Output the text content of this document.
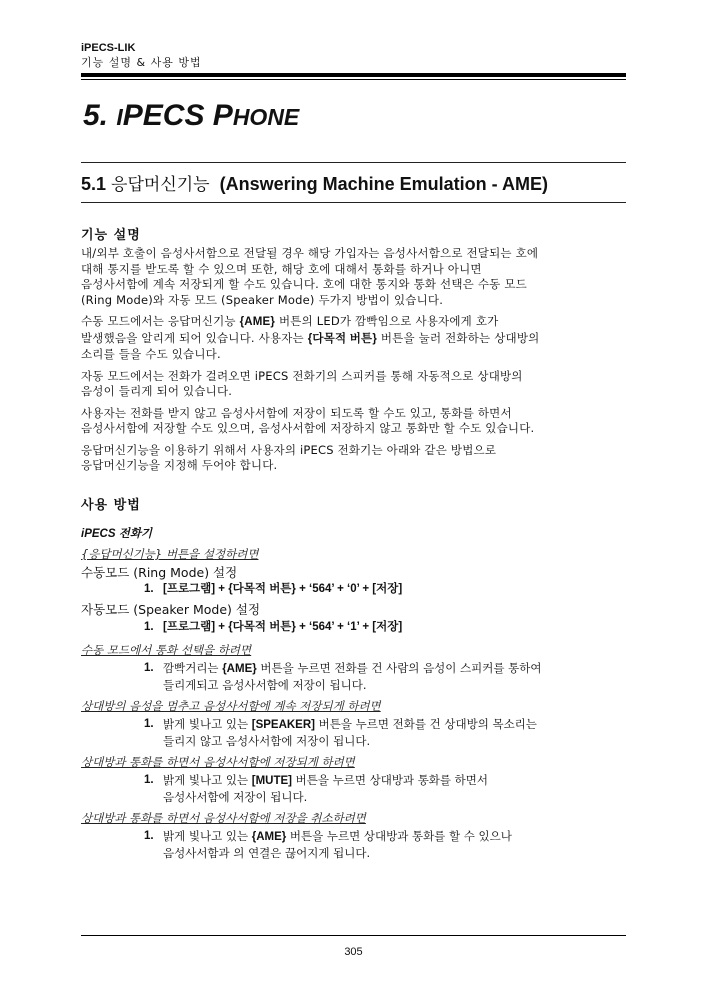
iPECS-LIK
기능 설명 & 사용 방법
5. IPECS PHONE
5.1 응답머신기능 (Answering Machine Emulation - AME)
기능 설명

내/외부 호출이 음성사서함으로 전달될 경우 해당 가입자는 음성사서함으로 전달되는 호에
대해 통지를 받도록 할 수 있으며 또한, 해당 호에 대해서 통화를 하거나 아니면
음성사서함에 계속 저장되게 할 수도 있습니다. 호에 대한 통지와 통화 선택은 수동 모드
(Ring Mode)와 자동 모드 (Speaker Mode) 두가지 방법이 있습니다.

수동 모드에서는 응답머신기능 {AME} 버튼의 LED가 깜빡임으로 사용자에게 호가
발생했음을 알리게 되어 있습니다. 사용자는 {다목적 버튼} 버튼을 눌러 전화하는 상대방의
소리를 들을 수도 있습니다.

자동 모드에서는 전화가 걸려오면 iPECS 전화기의 스피커를 통해 자동적으로 상대방의
음성이 들리게 되어 있습니다.

사용자는 전화를 받지 않고 음성사서함에 저장이 되도록 할 수도 있고, 통화를 하면서
음성사서함에 저장할 수도 있으며, 음성사서함에 저장하지 않고 통화만 할 수도 있습니다.

응답머신기능을 이용하기 위해서 사용자의 iPECS 전화기는 아래와 같은 방법으로
응답머신기능을 지정해 두어야 합니다.

사용 방법
iPECS 전화기
{응답머신기능} 버튼을 설정하려면
수동모드 (Ring Mode) 설정
1. [프로그램] + {다목적 버튼} + ‘564’ + ‘0’ + [저장]
자동모드 (Speaker Mode) 설정
1. [프로그램] + {다목적 버튼} + ‘564’ + ‘1’ + [저장]
수동 모드에서 통화 선택을 하려면
1. 깜빡거리는 {AME} 버튼을 누르면 전화를 건 사람의 음성이 스피커를 통하여
들리게되고 음성사서함에 저장이 됩니다.
상대방의 음성을 멈추고 음성사서함에 계속 저장되게 하려면
1. 밝게 빛나고 있는 [SPEAKER] 버튼을 누르면 전화를 건 상대방의 목소리는
들리지 않고 음성사서함에 저장이 됩니다.
상대방과 통화를 하면서 음성사서함에 저장되게 하려면
1. 밝게 빛나고 있는 [MUTE] 버튼을 누르면 상대방과 통화를 하면서
음성사서함에 저장이 됩니다.
상대방과 통화를 하면서 음성사서함에 저장을 취소하려면
1. 밝게 빛나고 있는 {AME} 버튼을 누르면 상대방과 통화를 할 수 있으나
음성사서함과 의 연결은 끊어지게 됩니다.
305
